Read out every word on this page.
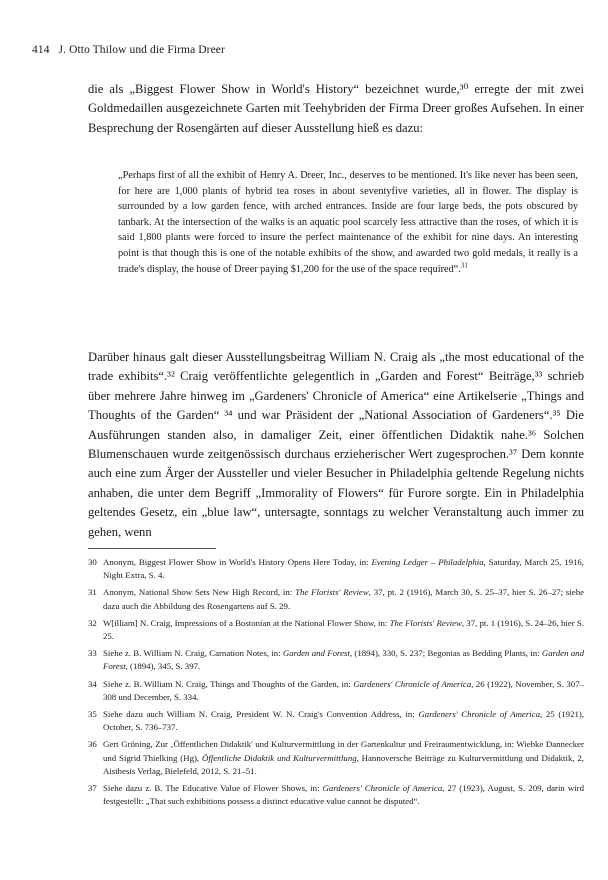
414 J. Otto Thilow und die Firma Dreer

die als „Biggest Flower Show in World's History“ bezeichnet wurde,³⁰ erregte der mit zwei Goldmedaillen ausgezeichnete Garten mit Teehybriden der Firma Dreer großes Aufsehen. In einer Besprechung der Rosengärten auf dieser Ausstellung hieß es dazu:

„Perhaps first of all the exhibit of Henry A. Dreer, Inc., deserves to be mentioned. It's like never has been seen, for here are 1,000 plants of hybrid tea roses in about seventyfive varieties, all in flower. The display is surrounded by a low garden fence, with arched entrances. Inside are four large beds, the pots obscured by tanbark. At the intersection of the walks is an aquatic pool scarcely less attractive than the roses, of which it is said 1,800 plants were forced to insure the perfect maintenance of the exhibit for nine days. An interesting point is that though this is one of the notable exhibits of the show, and awarded two gold medals, it really is a trade's display, the house of Dreer paying $1,200 for the use of the space required“.$^{31}$

Darüber hinaus galt dieser Ausstellungsbeitrag William N. Craig als „the most educational of the trade exhibits“.³² Craig veröffentlichte gelegentlich in „Garden and Forest“ Beiträge,³³ schrieb über mehrere Jahre hinweg im „Gardeners' Chronicle of America“ eine Artikelserie „Things and Thoughts of the Garden“ ³⁴ und war Präsident der „National Association of Gardeners“.³⁵ Die Ausführungen standen also, in damaliger Zeit, einer öffentlichen Didaktik nahe.³⁶ Solchen Blumenschauen wurde zeitgenössisch durchaus erzieherischer Wert zugesprochen.³⁷ Dem konnte auch eine zum Ärger der Aussteller und vieler Besucher in Philadelphia geltende Regelung nichts anhaben, die unter dem Begriff „Immorality of Flowers“ für Furore sorgte. Ein in Philadelphia geltendes Gesetz, ein „blue law“, untersagte, sonntags zu welcher Veranstaltung auch immer zu gehen, wenn

30 Anonym, Biggest Flower Show in World's History Opens Here Today, in: Evening Ledger – Philadelphia, Saturday, March 25, 1916, Night Extra, S. 4.
31 Anonym, National Show Sets New High Record, in: The Florists' Review, 37, pt. 2 (1916), March 30, S. 25–37, hier S. 26–27; siehe dazu auch die Abbildung des Rosengartens auf S. 29.
32 W[illiam] N. Craig, Impressions of a Bostonian at the National Flower Show, in: The Florists' Review, 37, pt. 1 (1916), S. 24–26, hier S. 25.
33 Siehe z. B. William N. Craig, Carnation Notes, in: Garden and Forest, (1894), 330, S. 237; Begonias as Bedding Plants, in: Garden and Forest, (1894), 345, S. 397.
34 Siehe z. B. William N. Craig, Things and Thoughts of the Garden, in: Gardeners' Chronicle of America, 26 (1922), November, S. 307–308 und December, S. 334.
35 Siehe dazu auch William N. Craig, President W. N. Craig's Convention Address, in: Gardeners' Chronicle of America, 25 (1921), October, S. 736–737.
36 Gert Gröning, Zur ‚Öffentlichen Didaktik' und Kulturvermittlung in der Gartenkultur und Freiraumentwicklung, in: Wiebke Dannecker und Sigrid Thielking (Hg), Öffentliche Didaktik und Kulturvermittlung, Hannoversche Beiträge zu Kulturvermittlung und Didaktik, 2, Aisthesis Verlag, Bielefeld, 2012, S. 21–51.
37 Siehe dazu z. B. The Educative Value of Flower Shows, in: Gardeners' Chronicle of America, 27 (1923), August, S. 209, darin wird festgestellt: „That such exhibitions possess a distinct educative value cannot be disputed“.
